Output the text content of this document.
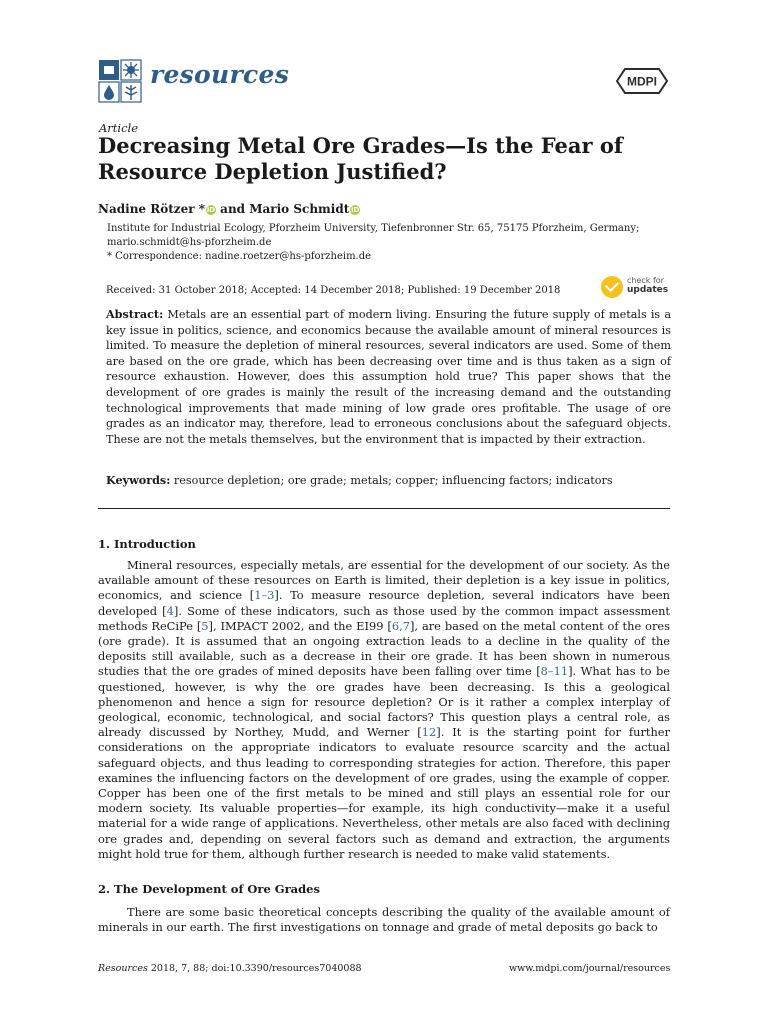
resources	MDPI
Article
Decreasing Metal Ore Grades—Is the Fear of Resource Depletion Justified?
Nadine Rötzer * iD and Mario Schmidt iD
Institute for Industrial Ecology, Pforzheim University, Tiefenbronner Str. 65, 75175 Pforzheim, Germany; mario.schmidt@hs-pforzheim.de
* Correspondence: nadine.roetzer@hs-pforzheim.de
Received: 31 October 2018; Accepted: 14 December 2018; Published: 19 December 2018
check for
updates
Abstract: Metals are an essential part of modern living. Ensuring the future supply of metals is a key issue in politics, science, and economics because the available amount of mineral resources is limited. To measure the depletion of mineral resources, several indicators are used. Some of them are based on the ore grade, which has been decreasing over time and is thus taken as a sign of resource exhaustion. However, does this assumption hold true? This paper shows that the development of ore grades is mainly the result of the increasing demand and the outstanding technological improvements that made mining of low grade ores profitable. The usage of ore grades as an indicator may, therefore, lead to erroneous conclusions about the safeguard objects. These are not the metals themselves, but the environment that is impacted by their extraction.
Keywords: resource depletion; ore grade; metals; copper; influencing factors; indicators
1. Introduction

Mineral resources, especially metals, are essential for the development of our society. As the available amount of these resources on Earth is limited, their depletion is a key issue in politics, economics, and science [1–3]. To measure resource depletion, several indicators have been developed [4]. Some of these indicators, such as those used by the common impact assessment methods ReCiPe [5], IMPACT 2002, and the EI99 [6,7], are based on the metal content of the ores (ore grade). It is assumed that an ongoing extraction leads to a decline in the quality of the deposits still available, such as a decrease in their ore grade. It has been shown in numerous studies that the ore grades of mined deposits have been falling over time [8–11]. What has to be questioned, however, is why the ore grades have been decreasing. Is this a geological phenomenon and hence a sign for resource depletion? Or is it rather a complex interplay of geological, economic, technological, and social factors? This question plays a central role, as already discussed by Northey, Mudd, and Werner [12]. It is the starting point for further considerations on the appropriate indicators to evaluate resource scarcity and the actual safeguard objects, and thus leading to corresponding strategies for action. Therefore, this paper examines the influencing factors on the development of ore grades, using the example of copper. Copper has been one of the first metals to be mined and still plays an essential role for our modern society. Its valuable properties—for example, its high conductivity—make it a useful material for a wide range of applications. Nevertheless, other metals are also faced with declining ore grades and, depending on several factors such as demand and extraction, the arguments might hold true for them, although further research is needed to make valid statements.

2. The Development of Ore Grades

There are some basic theoretical concepts describing the quality of the available amount of minerals in our earth. The first investigations on tonnage and grade of metal deposits go back to

Resources 2018, 7, 88; doi:10.3390/resources7040088	www.mdpi.com/journal/resources
